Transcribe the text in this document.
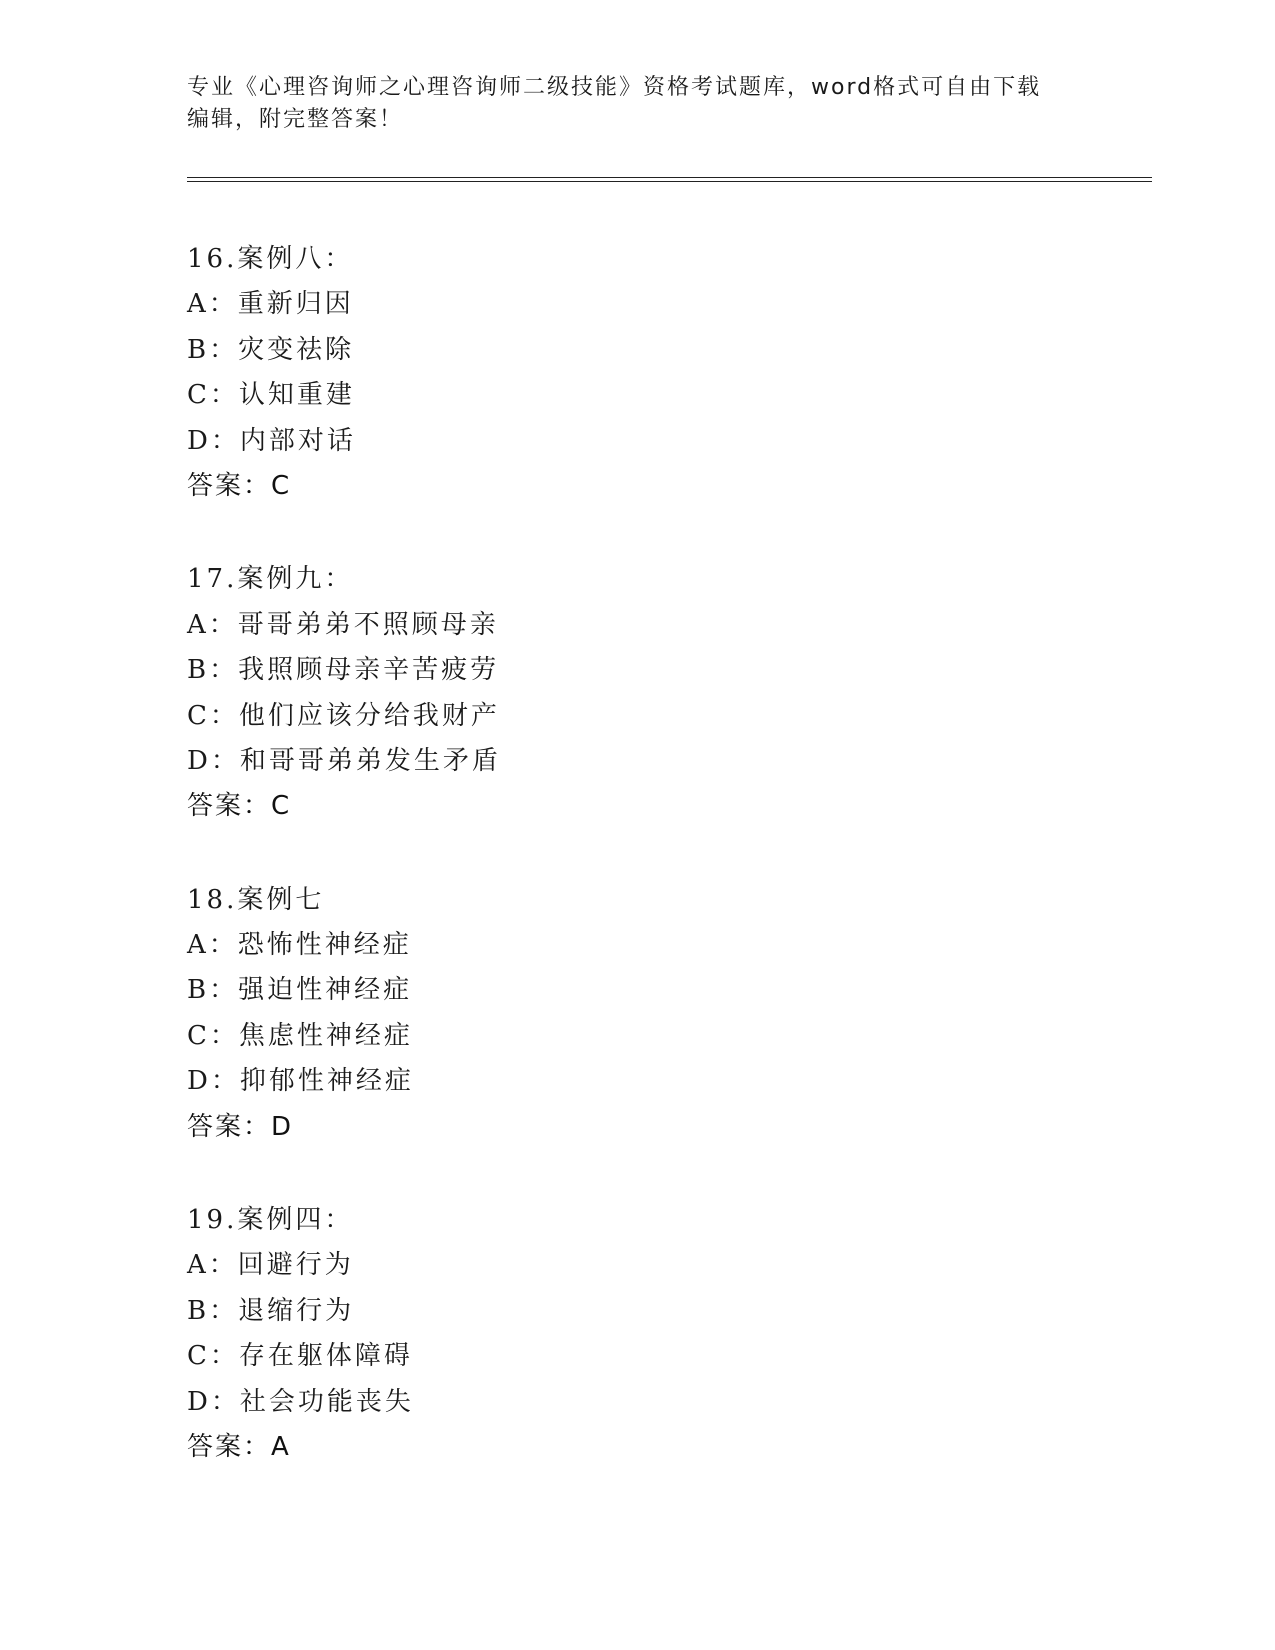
专业《心理咨询师之心理咨询师二级技能》资格考试题库，word格式可自由下载
编辑，附完整答案！
16.案例八：
A：重新归因
B：灾变祛除
C：认知重建
D：内部对话
答案：C
17.案例九：
A：哥哥弟弟不照顾母亲
B：我照顾母亲辛苦疲劳
C：他们应该分给我财产
D：和哥哥弟弟发生矛盾
答案：C
18.案例七
A：恐怖性神经症
B：强迫性神经症
C：焦虑性神经症
D：抑郁性神经症
答案：D
19.案例四：
A：回避行为
B：退缩行为
C：存在躯体障碍
D：社会功能丧失
答案：A
